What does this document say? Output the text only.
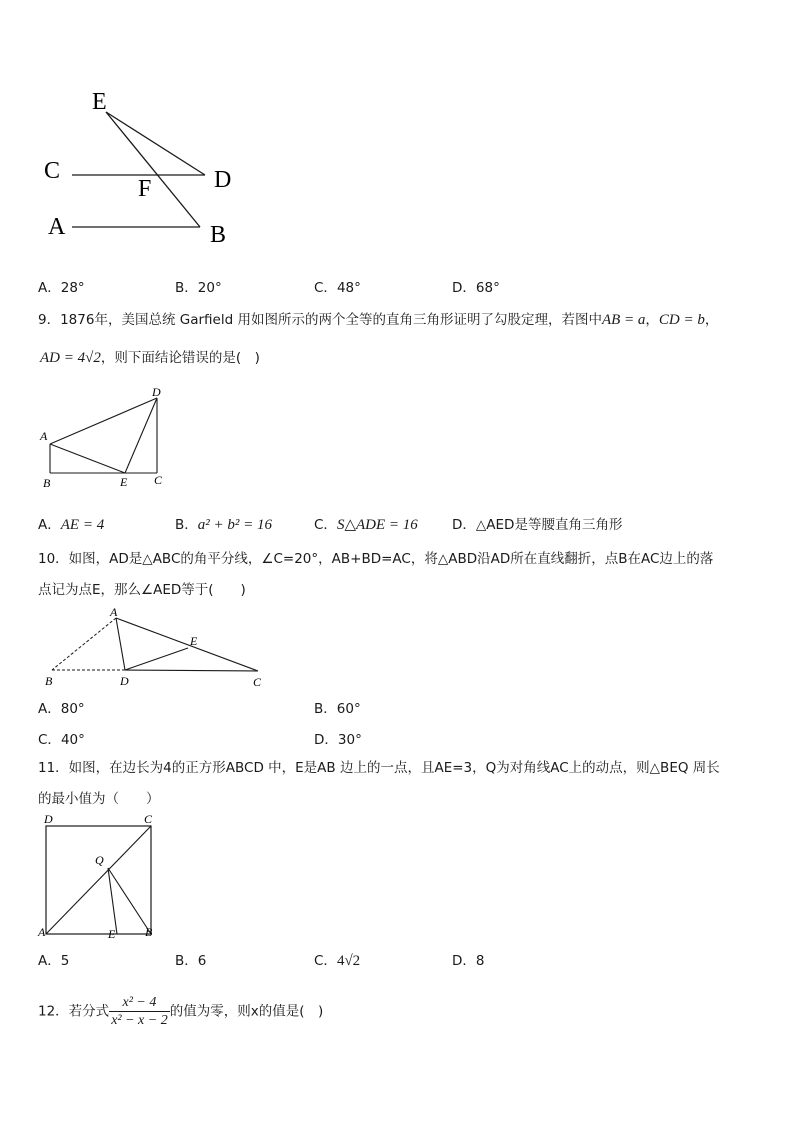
E
C
F	D
A	B
A．28°	B．20°	C．48°	D．68°
9．1876年，美国总统 Garfield 用如图所示的两个全等的直角三角形证明了勾股定理，若图中AB = a，CD = b，
AD = 4√2，则下面结论错误的是(　)
D
A
B	E C
A．AE = 4	B．a² + b² = 16	C．S△ADE = 16	D．△AED是等腰直角三角形
10．如图，AD是△ABC的角平分线，∠C=20°，AB+BD=AC，将△ABD沿AD所在直线翻折，点B在AC边上的落
点记为点E，那么∠AED等于(　　)
A
E
B	D	C
A．80°	B．60°
C．40°	D．30°
11．如图，在边长为4的正方形ABCD 中，E是AB 边上的一点，且AE=3，Q为对角线AC上的动点，则△BEQ 周长
的最小值为（　　）
D	C
Q
A	E B
A．5	B．6	C．4√2	D．8
12．若分式 $\frac{\text{x² − 4}}{\text{x² − x − 2}}$ 的值为零，则x的值是(　)
